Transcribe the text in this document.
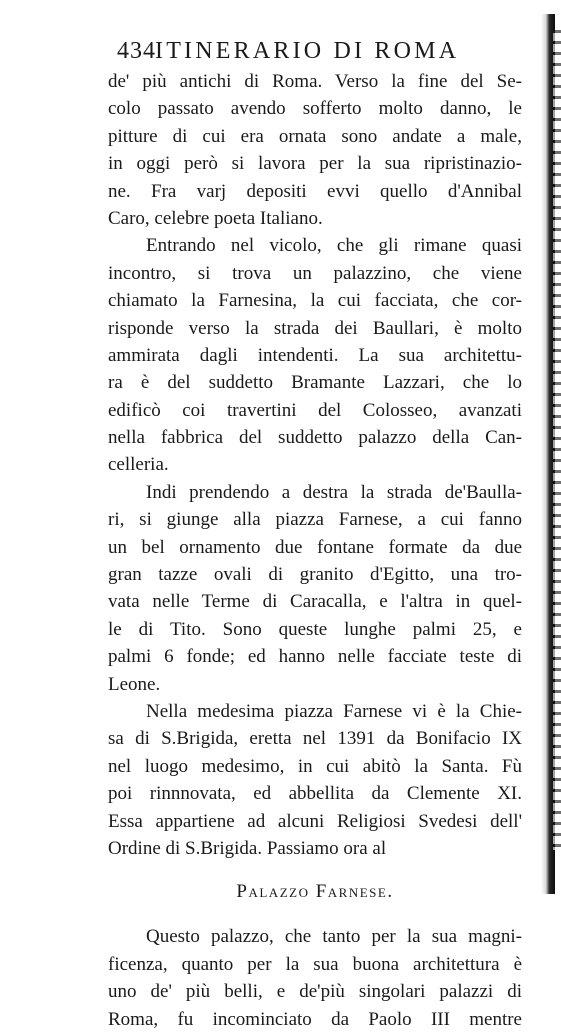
434 ITINERARIO DI ROMA
de' più antichi di Roma. Verso la fine del Se-
colo passato avendo sofferto molto danno, le
pitture di cui era ornata sono andate a male,
in oggi però si lavora per la sua ripristinazio-
ne. Fra varj depositi evvi quello d'Annibal
Caro, celebre poeta Italiano.
Entrando nel vicolo, che gli rimane quasi
incontro, si trova un palazzino, che viene
chiamato la Farnesina, la cui facciata, che cor-
risponde verso la strada dei Baullari, è molto
ammirata dagli intendenti. La sua architettu-
ra è del suddetto Bramante Lazzari, che lo
edificò coi travertini del Colosseo, avanzati
nella fabbrica del suddetto palazzo della Can-
celleria.
Indi prendendo a destra la strada de'Baulla-
ri, si giunge alla piazza Farnese, a cui fanno
un bel ornamento due fontane formate da due
gran tazze ovali di granito d'Egitto, una tro-
vata nelle Terme di Caracalla, e l'altra in quel-
le di Tito. Sono queste lunghe palmi 25, e
palmi 6 fonde; ed hanno nelle facciate teste di
Leone.
Nella medesima piazza Farnese vi è la Chie-
sa di S.Brigida, eretta nel 1391 da Bonifacio IX
nel luogo medesimo, in cui abitò la Santa. Fù
poi rinnnovata, ed abbellita da Clemente XI.
Essa appartiene ad alcuni Religiosi Svedesi dell'
Ordine di S.Brigida. Passiamo ora al
Palazzo Farnese.
Questo palazzo, che tanto per la sua magni-
ficenza, quanto per la sua buona architettura è
uno de' più belli, e de'più singolari palazzi di
Roma, fu incominciato da Paolo III mentre
